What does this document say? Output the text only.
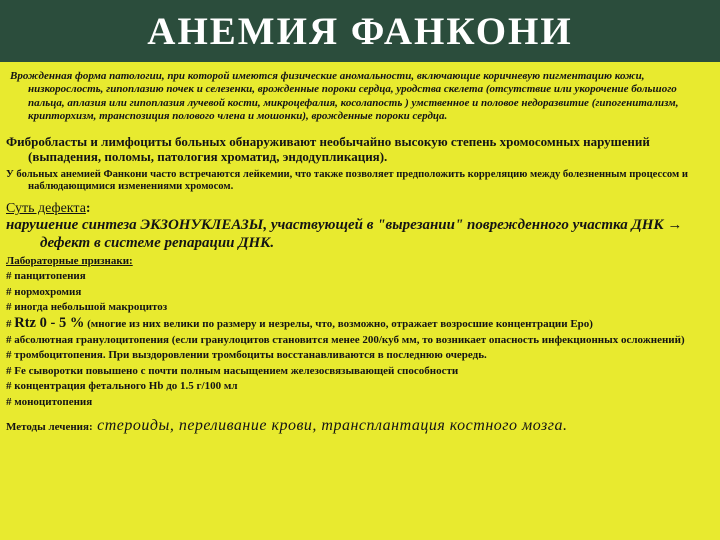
АНЕМИЯ ФАНКОНИ

Врожденная форма патологии, при которой имеются физические аномальности, включающие коричневую пигментацию кожи, низкорослость, гипоплазию почек и селезенки, врожденные пороки сердца, уродства скелета (отсутствие или укорочение большого пальца, аплазия или гипоплазия лучевой кости, микроцефалия, косолапость ) умственное и половое недоразвитие (гипогенитализм, крипторхизм, транспозиция полового члена и мошонки), врожденные пороки сердца.

Фибробласты и лимфоциты больных обнаруживают необычайно высокую степень хромосомных нарушений (выпадения, поломы, патология хроматид, эндодупликация).

У больных анемией Фанкони часто встречаются лейкемии, что также позволяет предположить корреляцию между болезненным процессом и наблюдающимися изменениями хромосом.

Суть дефекта:

нарушение синтеза ЭКЗОНУКЛЕАЗЫ, участвующей в "вырезании" поврежденного участка ДНК → дефект в системе репарации ДНК.

Лабораторные признаки:

# панцитопения

# нормохромия

# иногда небольшой макроцитоз

# Rtz 0 - 5 % (многие из них велики по размеру и незрелы, что, возможно, отражает возросшие концентрации Epo)

# абсолютная гранулоцитопения (если гранулоцитов становится менее 200/куб мм, то возникает опасность инфекционных осложнений)

# тромбоцитопения. При выздоровлении тромбоциты восстанавливаются в последнюю очередь.

# Fe сыворотки повышено с почти полным насыщением железосвязывающей способности

# концентрация фетального Hb до 1.5 г/100 мл

# моноцитопения

Методы лечения: стероиды, переливание крови, трансплантация костного мозга.
